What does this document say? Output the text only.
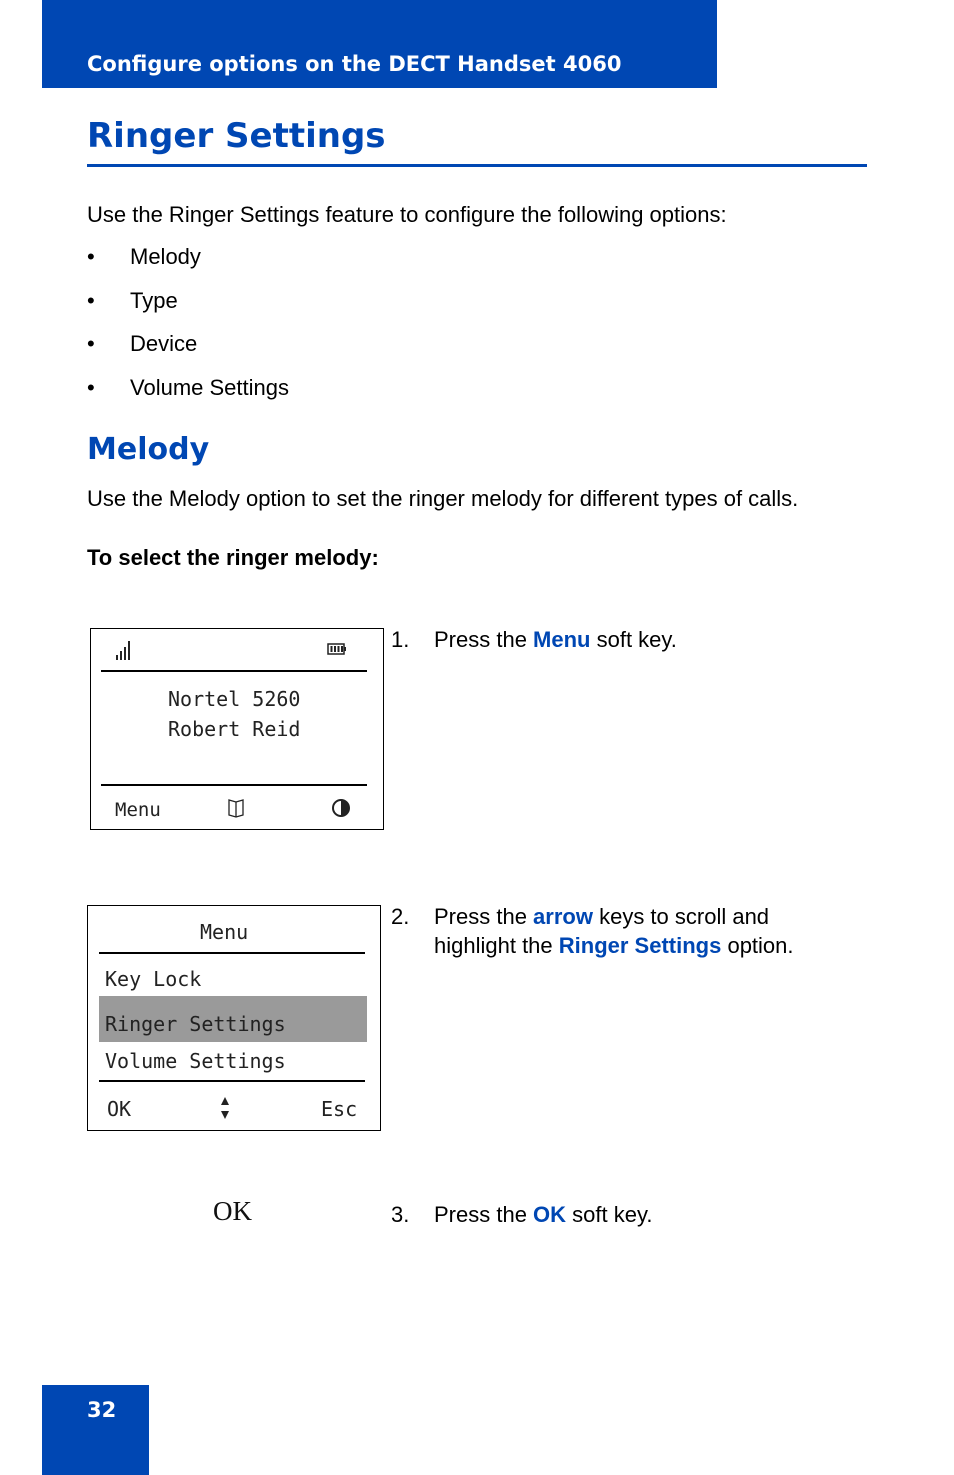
Configure options on the DECT Handset 4060
Ringer Settings
Use the Ringer Settings feature to configure the following options:
• Melody
• Type
• Device
• Volume Settings
Melody
Use the Melody option to set the ringer melody for different types of calls.
To select the ringer melody:
Nortel 5260
Robert Reid
Menu
Menu
Key Lock
Ringer Settings
Volume Settings
OK	Esc
OK
1. Press the Menu soft key.
2. Press the arrow keys to scroll and
highlight the Ringer Settings option.
3. Press the OK soft key.
32
